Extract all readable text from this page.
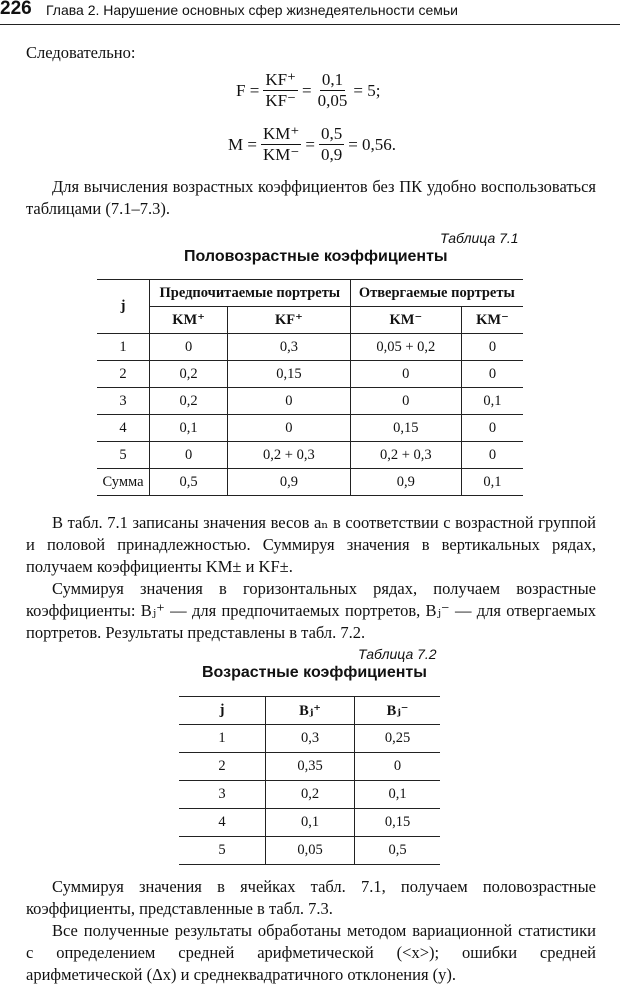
226 Глава 2. Нарушение основных сфер жизнедеятельности семьи
Следовательно:
$F = \frac{KF^+}{KF^-} = \frac{0,1}{0,05} = 5$;
$M = \frac{KM^+}{KM^-} = \frac{0,5}{0,9} = 0,56$.
Для вычисления возрастных коэффициентов без ПК удобно воспользоваться таблицами (7.1–7.3).
Таблица 7.1
Половозрастные коэффициенты
j	Предпочитаемые портреты		Отвергаемые портреты	
	KM⁺	KF⁺	KM⁻	KM⁻
1	0	0,3	0,05 + 0,2	0
2	0,2	0,15	0	0
3	0,2	0	0	0,1
4	0,1	0	0,15	0
5	0	0,2 + 0,3	0,2 + 0,3	0
Сумма	0,5	0,9	0,9	0,1
В табл. 7.1 записаны значения весов aₙ в соответствии с возрастной группой и половой принадлежностью. Суммируя значения в вертикальных рядах, получаем коэффициенты KM± и KF±.
Суммируя значения в горизонтальных рядах, получаем возрастные коэффициенты: Bⱼ⁺ — для предпочитаемых портретов, Bⱼ⁻ — для отвергаемых портретов. Результаты представлены в табл. 7.2.
Таблица 7.2
Возрастные коэффициенты
j	Bⱼ⁺	Bⱼ⁻
1	0,3	0,25
2	0,35	0
3	0,2	0,1
4	0,1	0,15
5	0,05	0,5
Суммируя значения в ячейках табл. 7.1, получаем половозрастные коэффициенты, представленные в табл. 7.3.
Все полученные результаты обработаны методом вариационной статистики с определением средней арифметической (<x>); ошибки средней арифметической (Δx) и среднеквадратичного отклонения (y).
